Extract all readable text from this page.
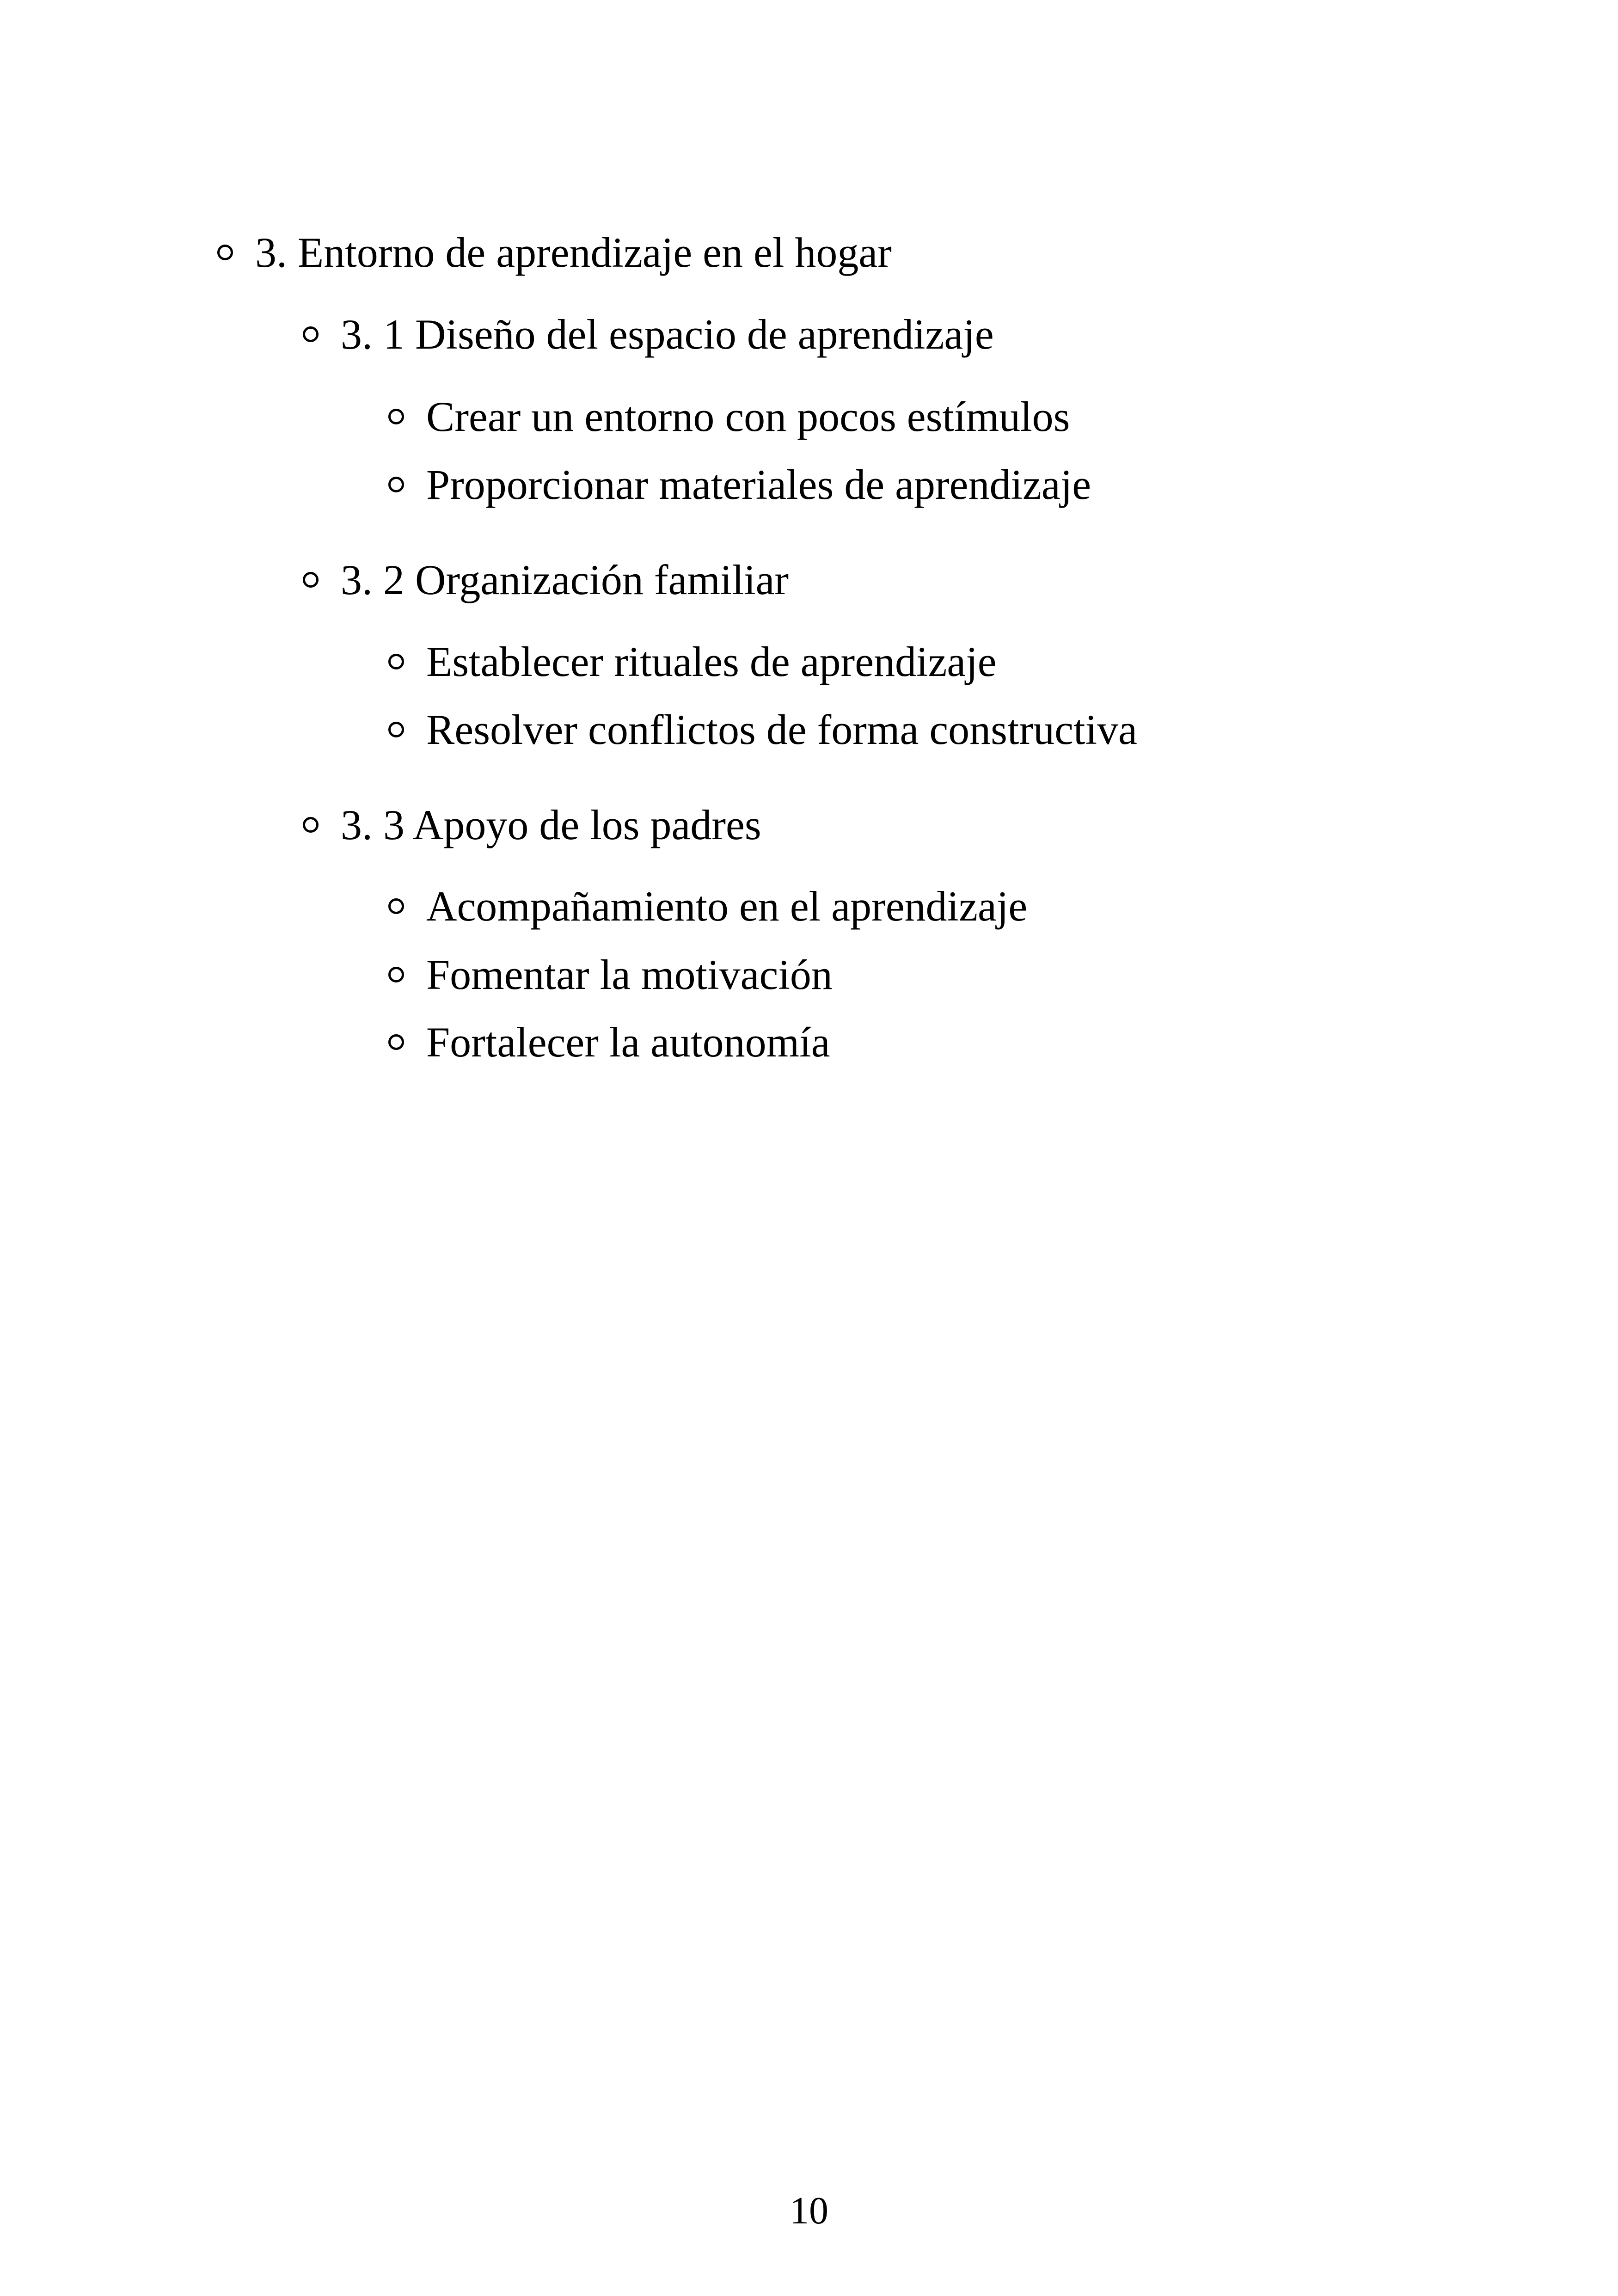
3. Entorno de aprendizaje en el hogar
3. 1 Diseño del espacio de aprendizaje
Crear un entorno con pocos estímulos
Proporcionar materiales de aprendizaje
3. 2 Organización familiar
Establecer rituales de aprendizaje
Resolver conflictos de forma constructiva
3. 3 Apoyo de los padres
Acompañamiento en el aprendizaje
Fomentar la motivación
Fortalecer la autonomía
10
